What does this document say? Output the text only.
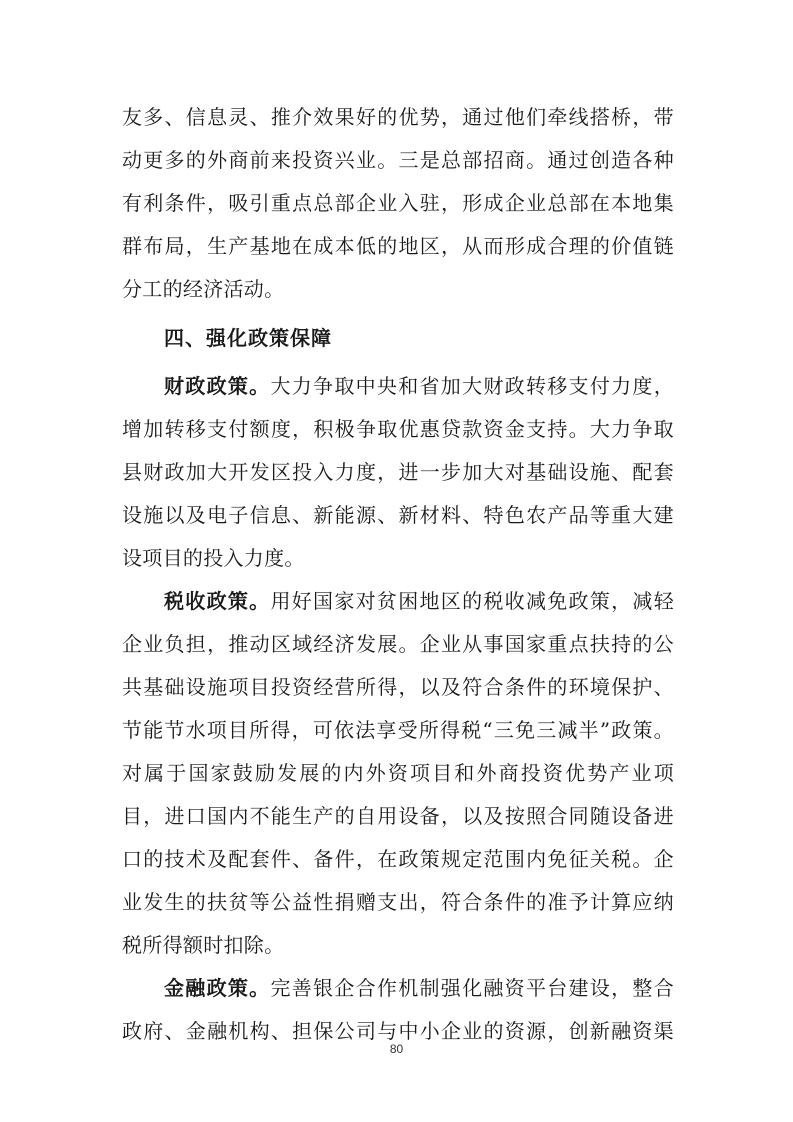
友多、信息灵、推介效果好的优势，通过他们牵线搭桥，带
动更多的外商前来投资兴业。三是总部招商。通过创造各种
有利条件，吸引重点总部企业入驻，形成企业总部在本地集
群布局，生产基地在成本低的地区，从而形成合理的价值链
分工的经济活动。
四、强化政策保障
财政政策。大力争取中央和省加大财政转移支付力度，
增加转移支付额度，积极争取优惠贷款资金支持。大力争取
县财政加大开发区投入力度，进一步加大对基础设施、配套
设施以及电子信息、新能源、新材料、特色农产品等重大建
设项目的投入力度。
税收政策。用好国家对贫困地区的税收减免政策，减轻
企业负担，推动区域经济发展。企业从事国家重点扶持的公
共基础设施项目投资经营所得，以及符合条件的环境保护、
节能节水项目所得，可依法享受所得税“三免三减半”政策。
对属于国家鼓励发展的内外资项目和外商投资优势产业项
目，进口国内不能生产的自用设备，以及按照合同随设备进
口的技术及配套件、备件，在政策规定范围内免征关税。企
业发生的扶贫等公益性捐赠支出，符合条件的准予计算应纳
税所得额时扣除。
金融政策。完善银企合作机制强化融资平台建设，整合
政府、金融机构、担保公司与中小企业的资源，创新融资渠
80
